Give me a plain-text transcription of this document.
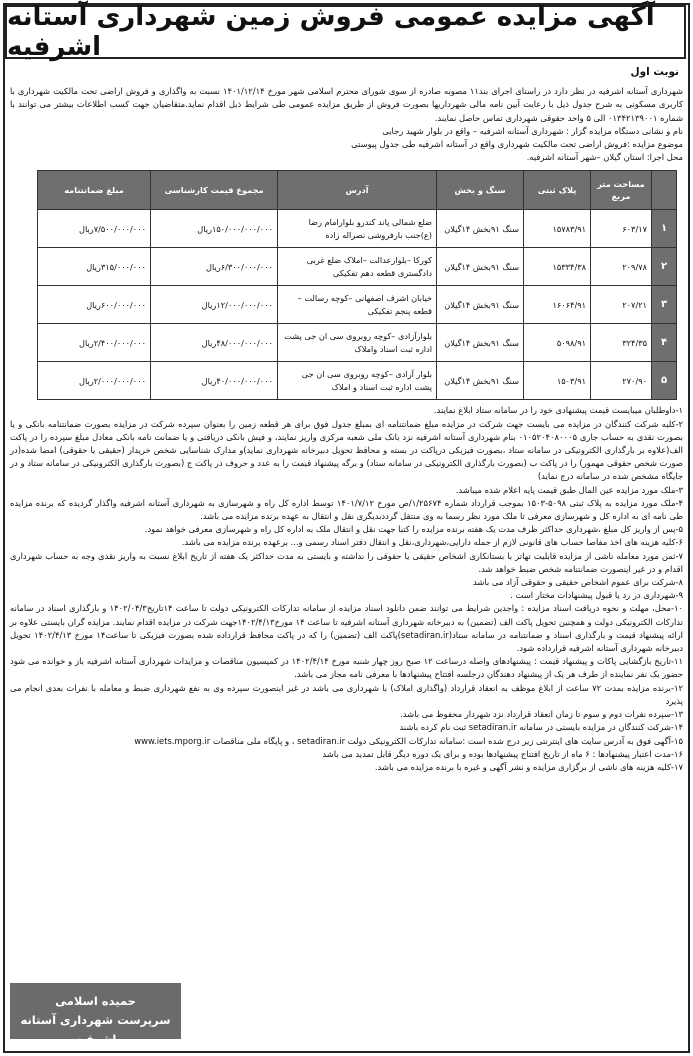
آگهی مزایده عمومی فروش زمین شهرداری آستانه اشرفیه
نوبت اول

شهرداری آستانه اشرفیه در نظر دارد در راستای اجرای بند۱۱ مصوبه صادره از سوی شورای محترم اسلامی شهر مورخ ۱۴۰۱/۱۲/۱۴ نسبت به واگذاری و فروش اراضی تحت مالکیت شهرداری با کاربری مسکونی به شرح جدول ذیل با رعایت آیین نامه مالی شهرداریها بصورت فروش از طریق مزایده عمومی طی شرایط ذیل اقدام نماید.متقاضیان جهت کسب اطلاعات بیشتر می توانند با شماره ۰۱۳۴۲۱۳۹۰۰۱ الی ۵ واحد حقوقی شهرداری تماس حاصل نمایند.

نام و نشانی دستگاه مزایده گزار : شهرداری آستانه اشرفیه – واقع در بلوار شهید رجایی

موضوع مزایده :فروش اراضی تحت مالکیت شهرداری واقع در آستانه اشرفیه طی جدول پیوستی

محل اجرا: استان گیلان –شهر آستانه اشرفیه.

	مساحت متر مربع	پلاک ثبتی	سنگ و بخش	آدرس	مجموع قیمت کارشناسی	مبلغ ضمانتنامه
۱	۶۰۳/۱۷	۱۵۷۸۳/۹۱	سنگ ۹۱بخش ۱۴گیلان	ضلع شمالی پاند کندرو بلوارامام رضا (ع)جنب بارفروشی نصراله زاده	۱۵۰/۰۰۰/۰۰۰/۰۰۰ریال	۷/۵۰۰/۰۰۰/۰۰۰ریال
۲	۲۰۹/۷۸	۱۵۳۳۴/۳۸	سنگ ۹۱بخش ۱۴گیلان	کورکا –بلوارعدالت –املاک ضلع غربی دادگستری قطعه دهم تفکیکی	۶/۳۰۰/۰۰۰/۰۰۰ریال	۳۱۵/۰۰۰/۰۰۰ریال
۳	۲۰۷/۲۱	۱۶۰۶۴/۹۱	سنگ ۹۱بخش ۱۴گیلان	خیابان اشرف اصفهانی –کوچه رسالت –قطعه پنجم تفکیکی	۱۲/۰۰۰/۰۰۰/۰۰۰ریال	۶۰۰/۰۰۰/۰۰۰ریال
۴	۳۲۴/۳۵	۵۰۹۸/۹۱	سنگ ۹۱بخش ۱۴گیلان	بلوارآزادی –کوچه روبروی سی ان جی پشت اداره ثبت اسناد واملاک	۴۸/۰۰۰/۰۰۰/۰۰۰ریال	۲/۴۰۰/۰۰۰/۰۰۰ریال
۵	۲۷۰/۹۰	۱۵۰۳/۹۱	سنگ ۹۱بخش ۱۴گیلان	بلوار آزادی –کوچه روبروی سی ان جی پشت اداره ثبت اسناد و املاک	۴۰/۰۰۰/۰۰۰/۰۰۰ریال	۲/۰۰۰/۰۰۰/۰۰۰ریال

۱-داوطلبان میبایست قیمت پیشنهادی خود را در سامانه ستاد ابلاغ نمایند.

۲-کلیه شرکت کنندگان در مزایده می بایست جهت شرکت در مزایده مبلغ ضمانتنامه ای بمبلغ جدول فوق برای هر قطعه زمین را بعنوان سپرده شرکت در مزایده بصورت ضمانتنامه بانکی و یا بصورت نقدی به حساب جاری ۰۱۰۵۲۰۴۰۸۰۰۰۵ بنام شهرداری آستانه اشرفیه نزد بانک ملی شعبه مرکزی واریز نمایند، و فیش بانکی دریافتی و یا ضمانت نامه بانکی معادل مبلغ سپرده را در پاکت الف(علاوه بر بارگذاری الکترونیکی در سامانه ستاد ،بصورت فیزیکی درپاکت در بسته و محافظ تحویل دبیرخانه شهرداری نماید)و مدارک شناسایی شخص خریدار (حقیقی یا حقوقی) امضا شده(در صورت شخص حقوقی مهمور) را در پاکت ب (بصورت بارگذاری الکترونیکی در سامانه ستاد) و برگه پیشنهاد قیمت را به عدد و حروف در پاکت ج (بصورت بارگذاری الکترونیکی در سامانه ستاد و در جایگاه مشخص شده در سامانه درج نماید)

۳-ملک مورد مزایده عین المال طبق قیمت پایه اعلام شده میباشد.

۴-ملک مورد مزایده به پلاک ثبتی ۵۰۹۸-۱۵۰۳ بموجب قرارداد شماره ۱/۲۵۶۷۴/ص مورخ ۱۴۰۱/۷/۱۲ توسط اداره کل راه و شهرسازی به شهرداری آستانه اشرفیه واگذار گردیده که برنده مزایده طی نامه ای به اداره کل و شهرسازی معرفی تا ملک مورد نظر رسما به وی منتقل گرددبدیگری نقل و انتقال به عهده برنده مزایده می باشد.

۵-پس از واریز کل مبلغ ،شهرداری حداکثر ظرف مدت یک هفته برنده مزایده را کتبا جهت نقل و انتقال ملک به اداره کل راه و شهرسازی معرفی خواهد نمود.

۶-کلیه هزینه های اخذ مفاصا حساب های قانونی لازم از جمله دارایی،شهرداری،نقل و انتقال دفتر اسناد رسمی و... برعهده برنده مزایده می باشد.

۷-ثمن مورد معامله ناشی از مزایده قابلیت تهاتر با بستانکاری اشخاص حقیقی یا حقوقی را نداشته و بایستی به مدت حداکثر یک هفته از تاریخ ابلاغ نسبت به واریز نقدی وجه به حساب شهرداری اقدام و در غیر اینصورت ضمانتنامه شخص ضبط خواهد شد.

۸-شرکت برای عموم اشخاص حقیقی و حقوقی آزاد می باشد

۹-شهرداری در رد یا قبول پیشنهادات مختار است .

۱۰-محل، مهلت و نحوه دریافت اسناد مزایده : واجدین شرایط می توانند ضمن دانلود اسناد مزایده از سامانه تدارکات الکترونیکی دولت تا ساعت ۱۴تاریخ۱۴۰۲/۰۴/۳ و بارگذاری اسناد در سامانه تدارکات الکترونیکی دولت و همچنین تحویل پاکت الف (تضمین) به دبیرخانه شهرداری آستانه اشرفیه تا ساعت ۱۴ مورخ۱۴۰۲/۴/۱۳جهت شرکت در مزایده اقدام نمایند. مزایده گران بایستی علاوه بر ارائه پیشنهاد قیمت و بارگذاری اسناد و ضمانتنامه در سامانه ستاد(setadiran.ir)پاکت الف (تضمین) را که در پاکت محافظ قرارداده شده بصورت فیزیکی تا ساعت۱۴ مورخ ۱۴۰۲/۴/۱۳ تحویل دبیرخانه شهرداری آستانه اشرفیه قرارداده شود.

۱۱-تاریخ بازگشایی پاکات و پیشنهاد قیمت : پیشنهادهای واصله درساعت ۱۲ صبح روز چهار شنبه مورخ ۱۴۰۲/۴/۱۴ در کمیسیون مناقصات و مزایدات شهرداری آستانه اشرفیه باز و خوانده می شود حضور یک نفر نماینده از طرف هر یک از پیشنهاد دهندگان درجلسه افتتاح پیشنهادها با معرفی نامه مجاز می باشد.

۱۲-برنده مزایده بمدت ۷۲ ساعت از ابلاغ موظف به انعقاد قرارداد (واگذاری املاک) با شهرداری می باشد در غیر اینصورت سپرده وی به نفع شهرداری ضبط و معامله با نفرات بعدی انجام می پذیرد

۱۳-سپرده نفرات دوم و سوم تا زمان انعقاد قرارداد نزد شهردار محفوظ می باشد.

۱۴-شرکت کنندگان در مزایده بایستی در سامانه setadiran.ir ثبت نام کرده باشند

۱۵-آگهی فوق به آدرس سایت های اینترنتی زیر درج شده است :سامانه تدارکات الکترونیکی دولت setadiran.ir ، و پایگاه ملی مناقصات www.iets.mporg.ir

۱۶-مدت اعتبار پیشنهادها : ۶ ماه از تاریخ افتتاح پیشنهادها بوده و برای یک دوره دیگر قابل تمدید می باشد

۱۷-کلیه هزینه های ناشی از برگزاری مزایده و نشر آگهی و غیره با برنده مزایده می باشد.

حمیده اسلامی
سرپرست شهرداری آستانه اشرفیه
